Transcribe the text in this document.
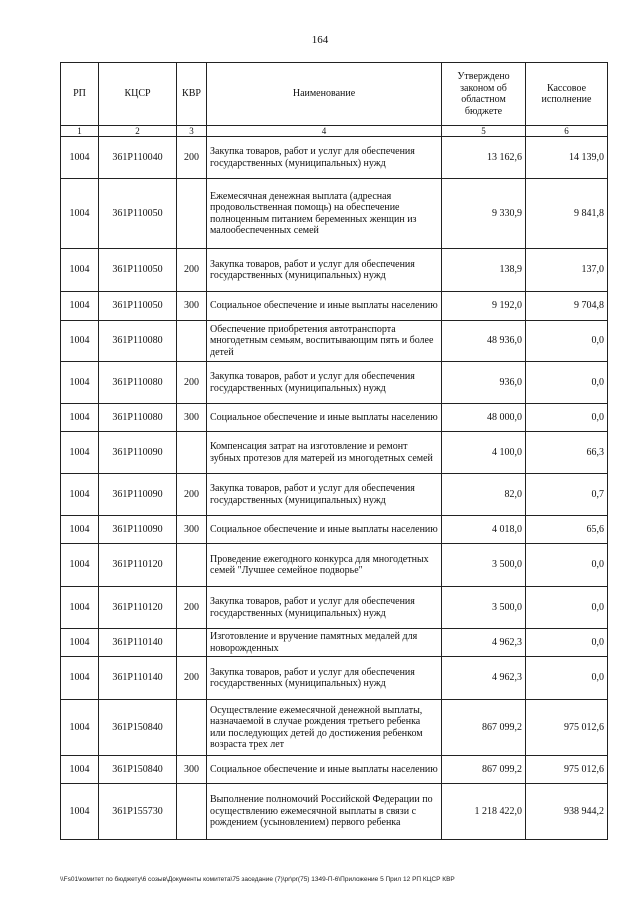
164
РП	КЦСР	КВР	Наименование	Утверждено законом об областном бюджете	Кассовое исполнение
1	2	3	4	5	6
1004	361P110040	200	Закупка товаров, работ и услуг для обеспечения государственных (муниципальных) нужд	13 162,6	14 139,0
1004	361P110050		Ежемесячная денежная выплата (адресная продовольственная помощь) на обеспечение полноценным питанием беременных женщин из малообеспеченных семей	9 330,9	9 841,8
1004	361P110050	200	Закупка товаров, работ и услуг для обеспечения государственных (муниципальных) нужд	138,9	137,0
1004	361P110050	300	Социальное обеспечение и иные выплаты населению	9 192,0	9 704,8
1004	361P110080		Обеспечение приобретения автотранспорта многодетным семьям, воспитывающим пять и более детей	48 936,0	0,0
1004	361P110080	200	Закупка товаров, работ и услуг для обеспечения государственных (муниципальных) нужд	936,0	0,0
1004	361P110080	300	Социальное обеспечение и иные выплаты населению	48 000,0	0,0
1004	361P110090		Компенсация затрат на изготовление и ремонт зубных протезов для матерей из многодетных семей	4 100,0	66,3
1004	361P110090	200	Закупка товаров, работ и услуг для обеспечения государственных (муниципальных) нужд	82,0	0,7
1004	361P110090	300	Социальное обеспечение и иные выплаты населению	4 018,0	65,6
1004	361P110120		Проведение ежегодного конкурса для многодетных семей "Лучшее семейное подворье"	3 500,0	0,0
1004	361P110120	200	Закупка товаров, работ и услуг для обеспечения государственных (муниципальных) нужд	3 500,0	0,0
1004	361P110140		Изготовление и вручение памятных медалей для новорожденных	4 962,3	0,0
1004	361P110140	200	Закупка товаров, работ и услуг для обеспечения государственных (муниципальных) нужд	4 962,3	0,0
1004	361P150840		Осуществление ежемесячной денежной выплаты, назначаемой в случае рождения третьего ребенка или последующих детей до достижения ребенком возраста трех лет	867 099,2	975 012,6
1004	361P150840	300	Социальное обеспечение и иные выплаты населению	867 099,2	975 012,6
1004	361P155730		Выполнение полномочий Российской Федерации по осуществлению ежемесячной выплаты в связи с рождением (усыновлением) первого ребенка	1 218 422,0	938 944,2
\\Fs01\комитет по бюджету\6 созыв\Документы комитета\75 заседание (7)\pr\pr(75) 1349-П-6\Приложение 5 Прил 12 РП КЦСР КВР
